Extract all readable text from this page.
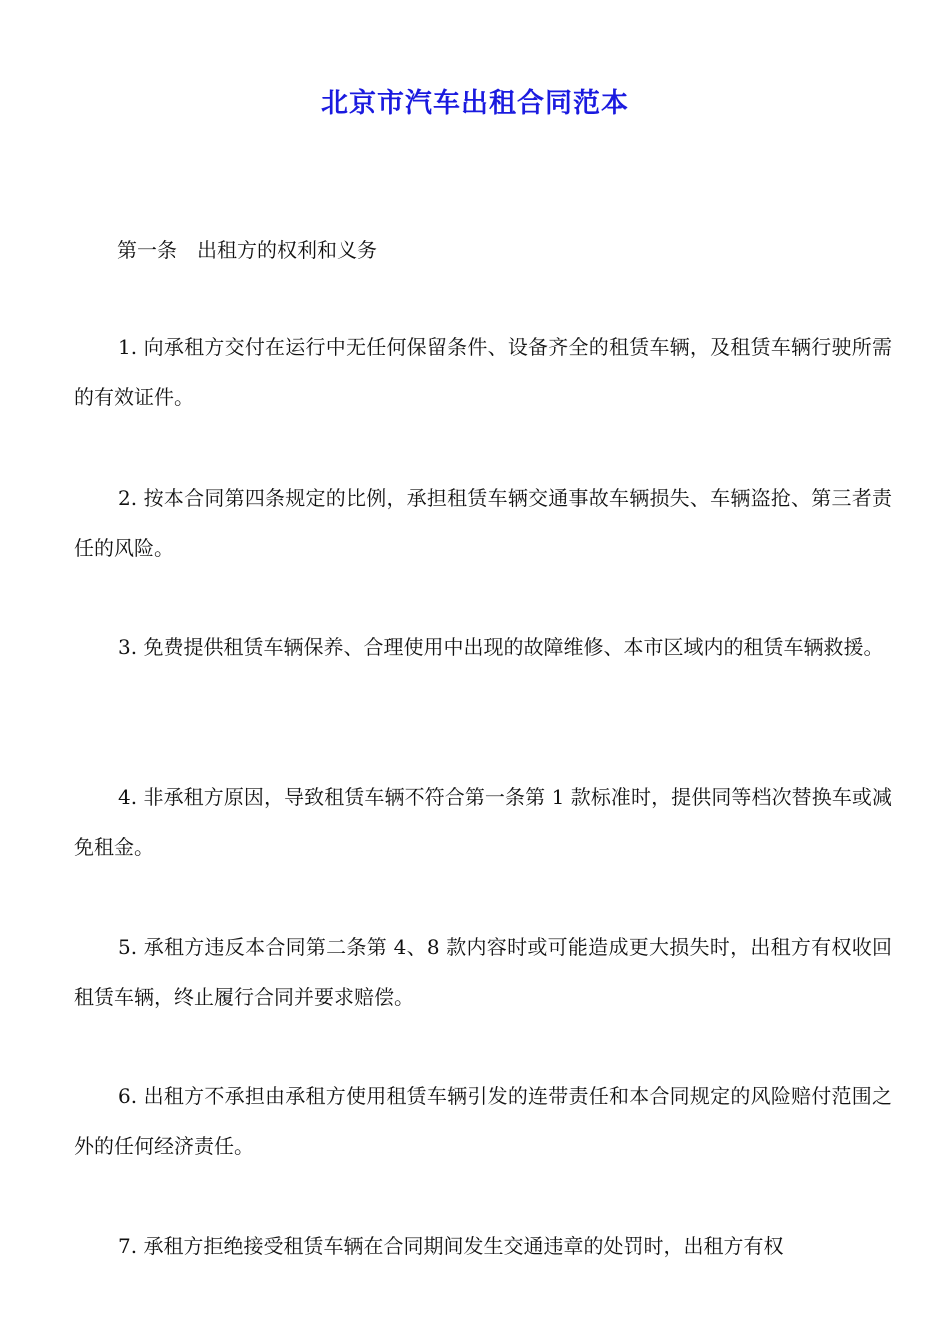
北京市汽车出租合同范本
第一条　出租方的权利和义务

1. 向承租方交付在运行中无任何保留条件、设备齐全的租赁车辆，及租赁车辆行驶所需的有效证件。

2. 按本合同第四条规定的比例，承担租赁车辆交通事故车辆损失、车辆盗抢、第三者责任的风险。

3. 免费提供租赁车辆保养、合理使用中出现的故障维修、本市区域内的租赁车辆救援。

4. 非承租方原因，导致租赁车辆不符合第一条第 1 款标准时，提供同等档次替换车或减免租金。

5. 承租方违反本合同第二条第 4、8 款内容时或可能造成更大损失时，出租方有权收回租赁车辆，终止履行合同并要求赔偿。

6. 出租方不承担由承租方使用租赁车辆引发的连带责任和本合同规定的风险赔付范围之外的任何经济责任。

7. 承租方拒绝接受租赁车辆在合同期间发生交通违章的处罚时，出租方有权
